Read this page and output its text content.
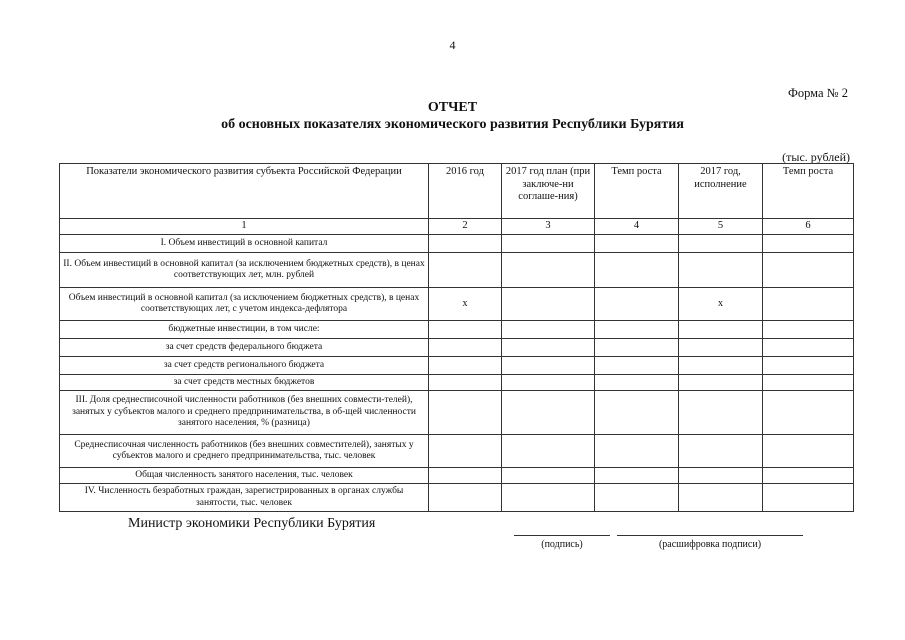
4
Форма № 2
ОТЧЕТ
об основных показателях экономического развития Республики Бурятия
(тыс. рублей)
Показатели экономического развития субъекта Российской Федерации	2016 год	2017 год план (при заключе-ни соглаше-ния)	Темп роста	2017 год, исполнение	Темп роста
1	2	3	4	5	6
I. Объем инвестиций в основной капитал					
II. Объем инвестиций в основной капитал (за исключением бюджетных средств), в ценах соответствующих лет, млн. рублей					
Объем инвестиций в основной капитал (за исключением бюджетных средств), в ценах соответствующих лет, с учетом индекса-дефлятора	x			x	
бюджетные инвестиции, в том числе:					
за счет средств федерального бюджета					
за счет средств регионального бюджета					
за счет средств местных бюджетов					
III. Доля среднесписочной численности работников (без внешних совмести-телей), занятых у субъектов малого и среднего предпринимательства, в об-щей численности занятого населения, % (разница)					
Среднесписочная численность работников (без внешних совместителей), занятых у субъектов малого и среднего предпринимательства, тыс. человек					
Общая численность занятого населения, тыс. человек					
IV. Численность безработных граждан, зарегистрированных в органах службы занятости, тыс. человек					
Министр экономики Республики Бурятия
(подпись)	(расшифровка подписи)
